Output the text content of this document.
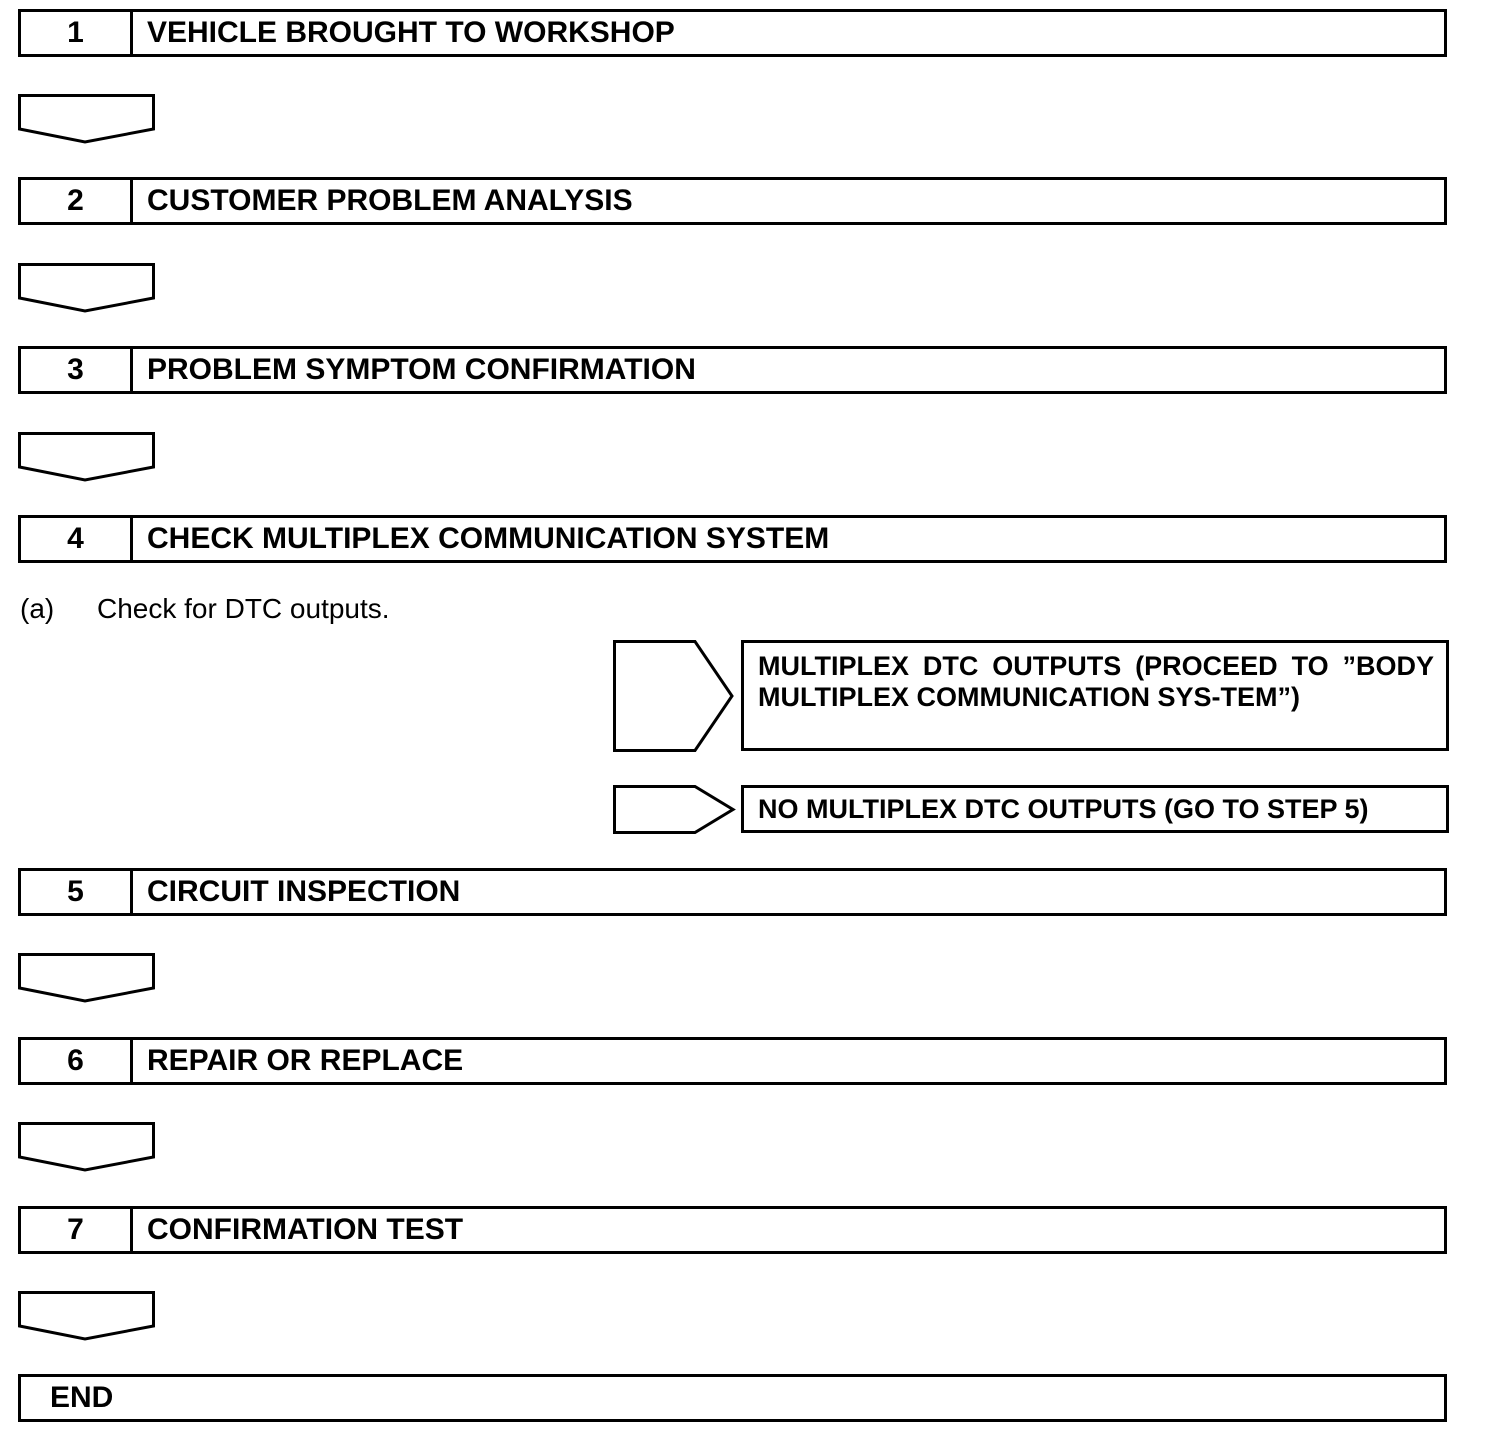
1	VEHICLE BROUGHT TO WORKSHOP
2	CUSTOMER PROBLEM ANALYSIS
3	PROBLEM SYMPTOM CONFIRMATION
4	CHECK MULTIPLEX COMMUNICATION SYSTEM
(a)	Check for DTC outputs.
MULTIPLEX DTC OUTPUTS (PROCEED TO ”BODY MULTIPLEX COMMUNICATION SYS-TEM”)
NO MULTIPLEX DTC OUTPUTS (GO TO STEP 5)
5	CIRCUIT INSPECTION
6	REPAIR OR REPLACE
7	CONFIRMATION TEST
END
